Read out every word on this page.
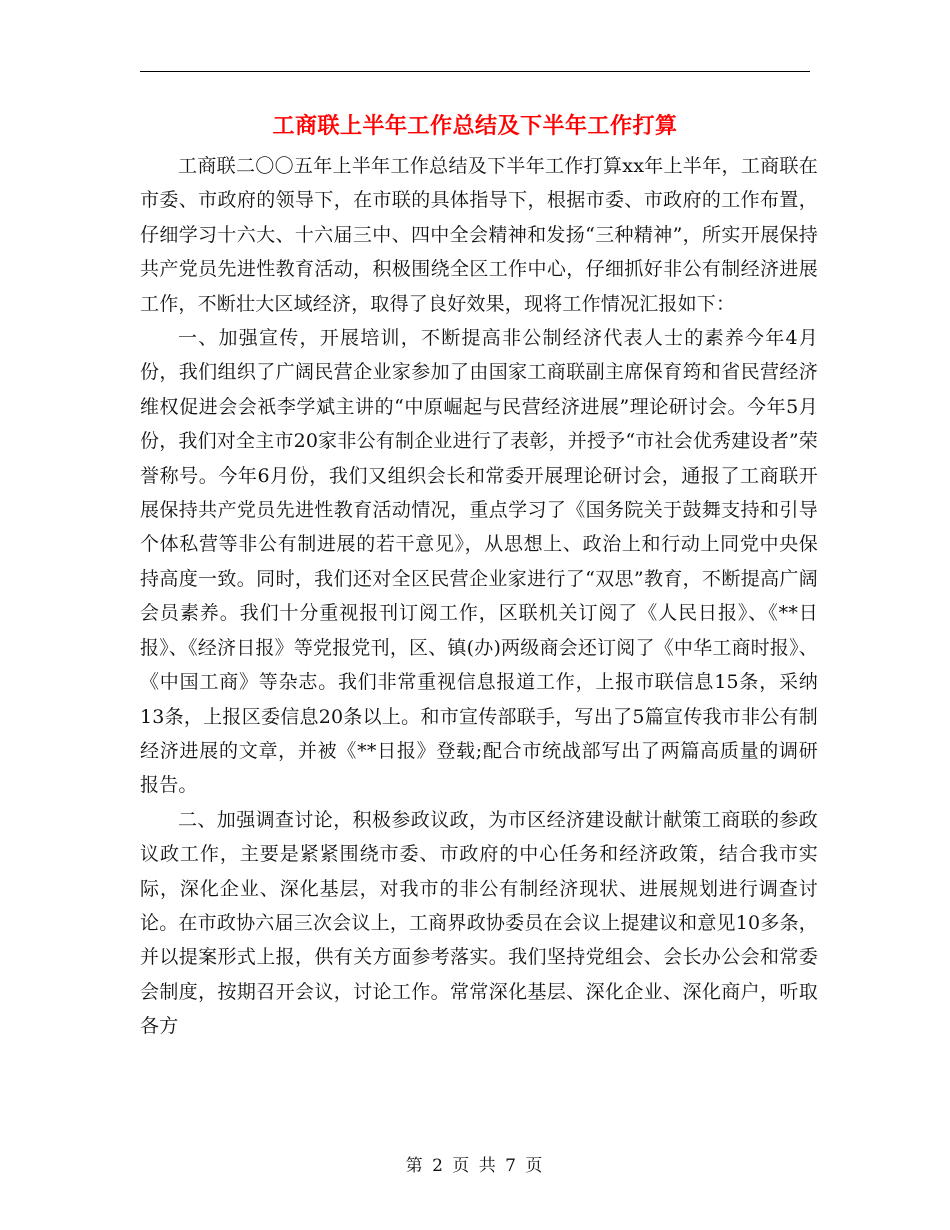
工商联上半年工作总结及下半年工作打算

工商联二〇〇五年上半年工作总结及下半年工作打算xx年上半年，工商联在市委、市政府的领导下，在市联的具体指导下，根据市委、市政府的工作布置，仔细学习十六大、十六届三中、四中全会精神和发扬“三种精神”，所实开展保持共产党员先进性教育活动，积极围绕全区工作中心，仔细抓好非公有制经济进展工作，不断壮大区域经济，取得了良好效果，现将工作情况汇报如下：

一、加强宣传，开展培训，不断提高非公制经济代表人士的素养今年4月份，我们组织了广阔民营企业家参加了由国家工商联副主席保育筠和省民营经济维权促进会会祇李学斌主讲的“中原崛起与民营经济进展”理论研讨会。今年5月份，我们对全主市20家非公有制企业进行了表彰，并授予“市社会优秀建设者”荣誉称号。今年6月份，我们又组织会长和常委开展理论研讨会，通报了工商联开展保持共产党员先进性教育活动情况，重点学习了《国务院关于鼓舞支持和引导个体私营等非公有制进展的若干意见》，从思想上、政治上和行动上同党中央保持高度一致。同时，我们还对全区民营企业家进行了“双思”教育，不断提高广阔会员素养。我们十分重视报刊订阅工作，区联机关订阅了《人民日报》、《**日报》、《经济日报》等党报党刊，区、镇(办)两级商会还订阅了《中华工商时报》、《中国工商》等杂志。我们非常重视信息报道工作，上报市联信息15条，采纳13条，上报区委信息20条以上。和市宣传部联手，写出了5篇宣传我市非公有制经济进展的文章，并被《**日报》登载;配合市统战部写出了两篇高质量的调研报告。

二、加强调查讨论，积极参政议政，为市区经济建设献计献策工商联的参政议政工作，主要是紧紧围绕市委、市政府的中心任务和经济政策，结合我市实际，深化企业、深化基层，对我市的非公有制经济现状、进展规划进行调查讨论。在市政协六届三次会议上，工商界政协委员在会议上提建议和意见10多条，并以提案形式上报，供有关方面参考落实。我们坚持党组会、会长办公会和常委会制度，按期召开会议，讨论工作。常常深化基层、深化企业、深化商户，听取各方

第 2 页 共 7 页
